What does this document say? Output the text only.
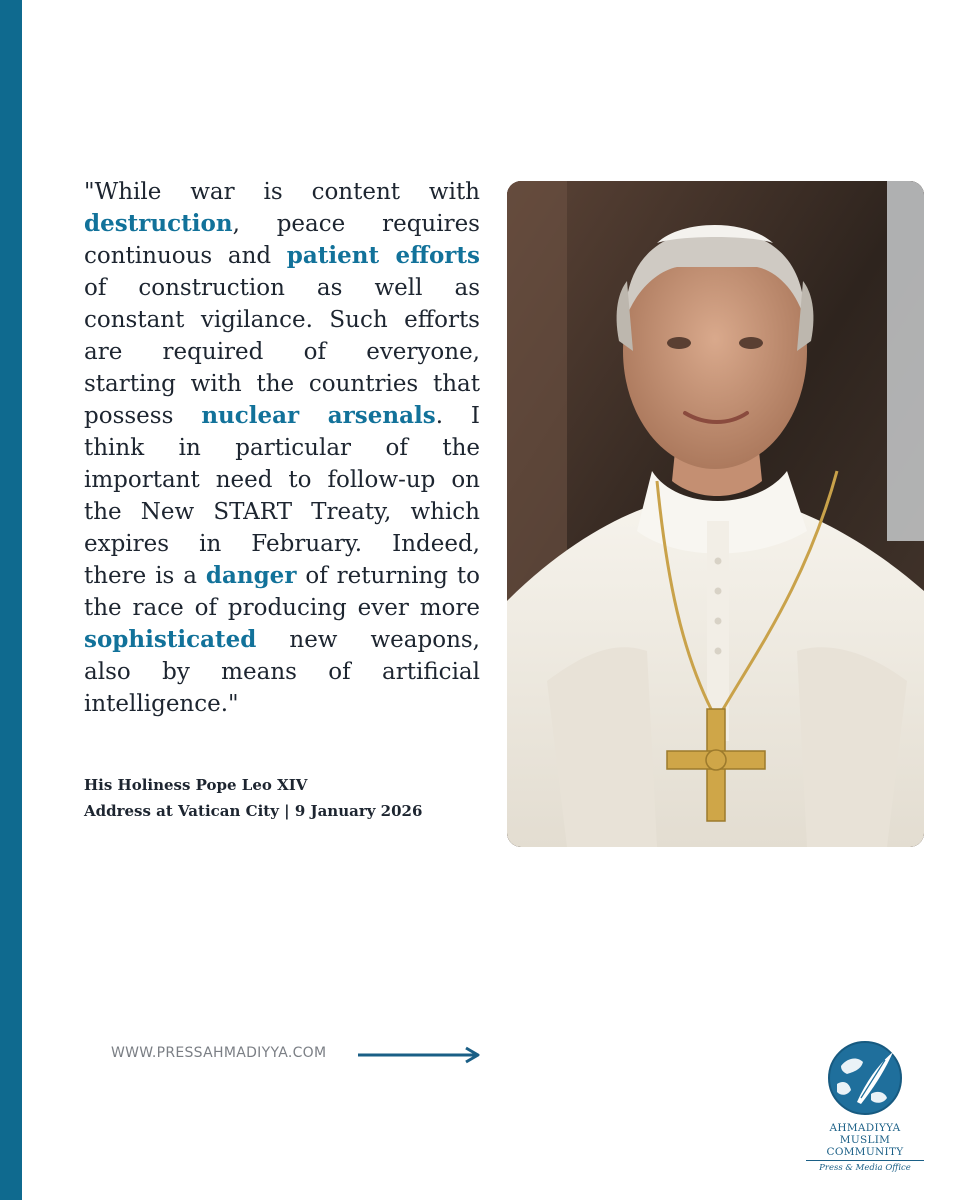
"While war is content with destruction, peace requires continuous and patient efforts of construction as well as constant vigilance. Such efforts are required of everyone, starting with the countries that possess nuclear arsenals. I think in particular of the important need to follow-up on the New START Treaty, which expires in February. Indeed, there is a danger of returning to the race of producing ever more sophisticated new weapons, also by means of artificial intelligence."

His Holiness Pope Leo XIV
Address at Vatican City | 9 January 2026
WWW.PRESSAHMADIYYA.COM
AHMADIYYA
MUSLIM COMMUNITY
Press & Media Office
